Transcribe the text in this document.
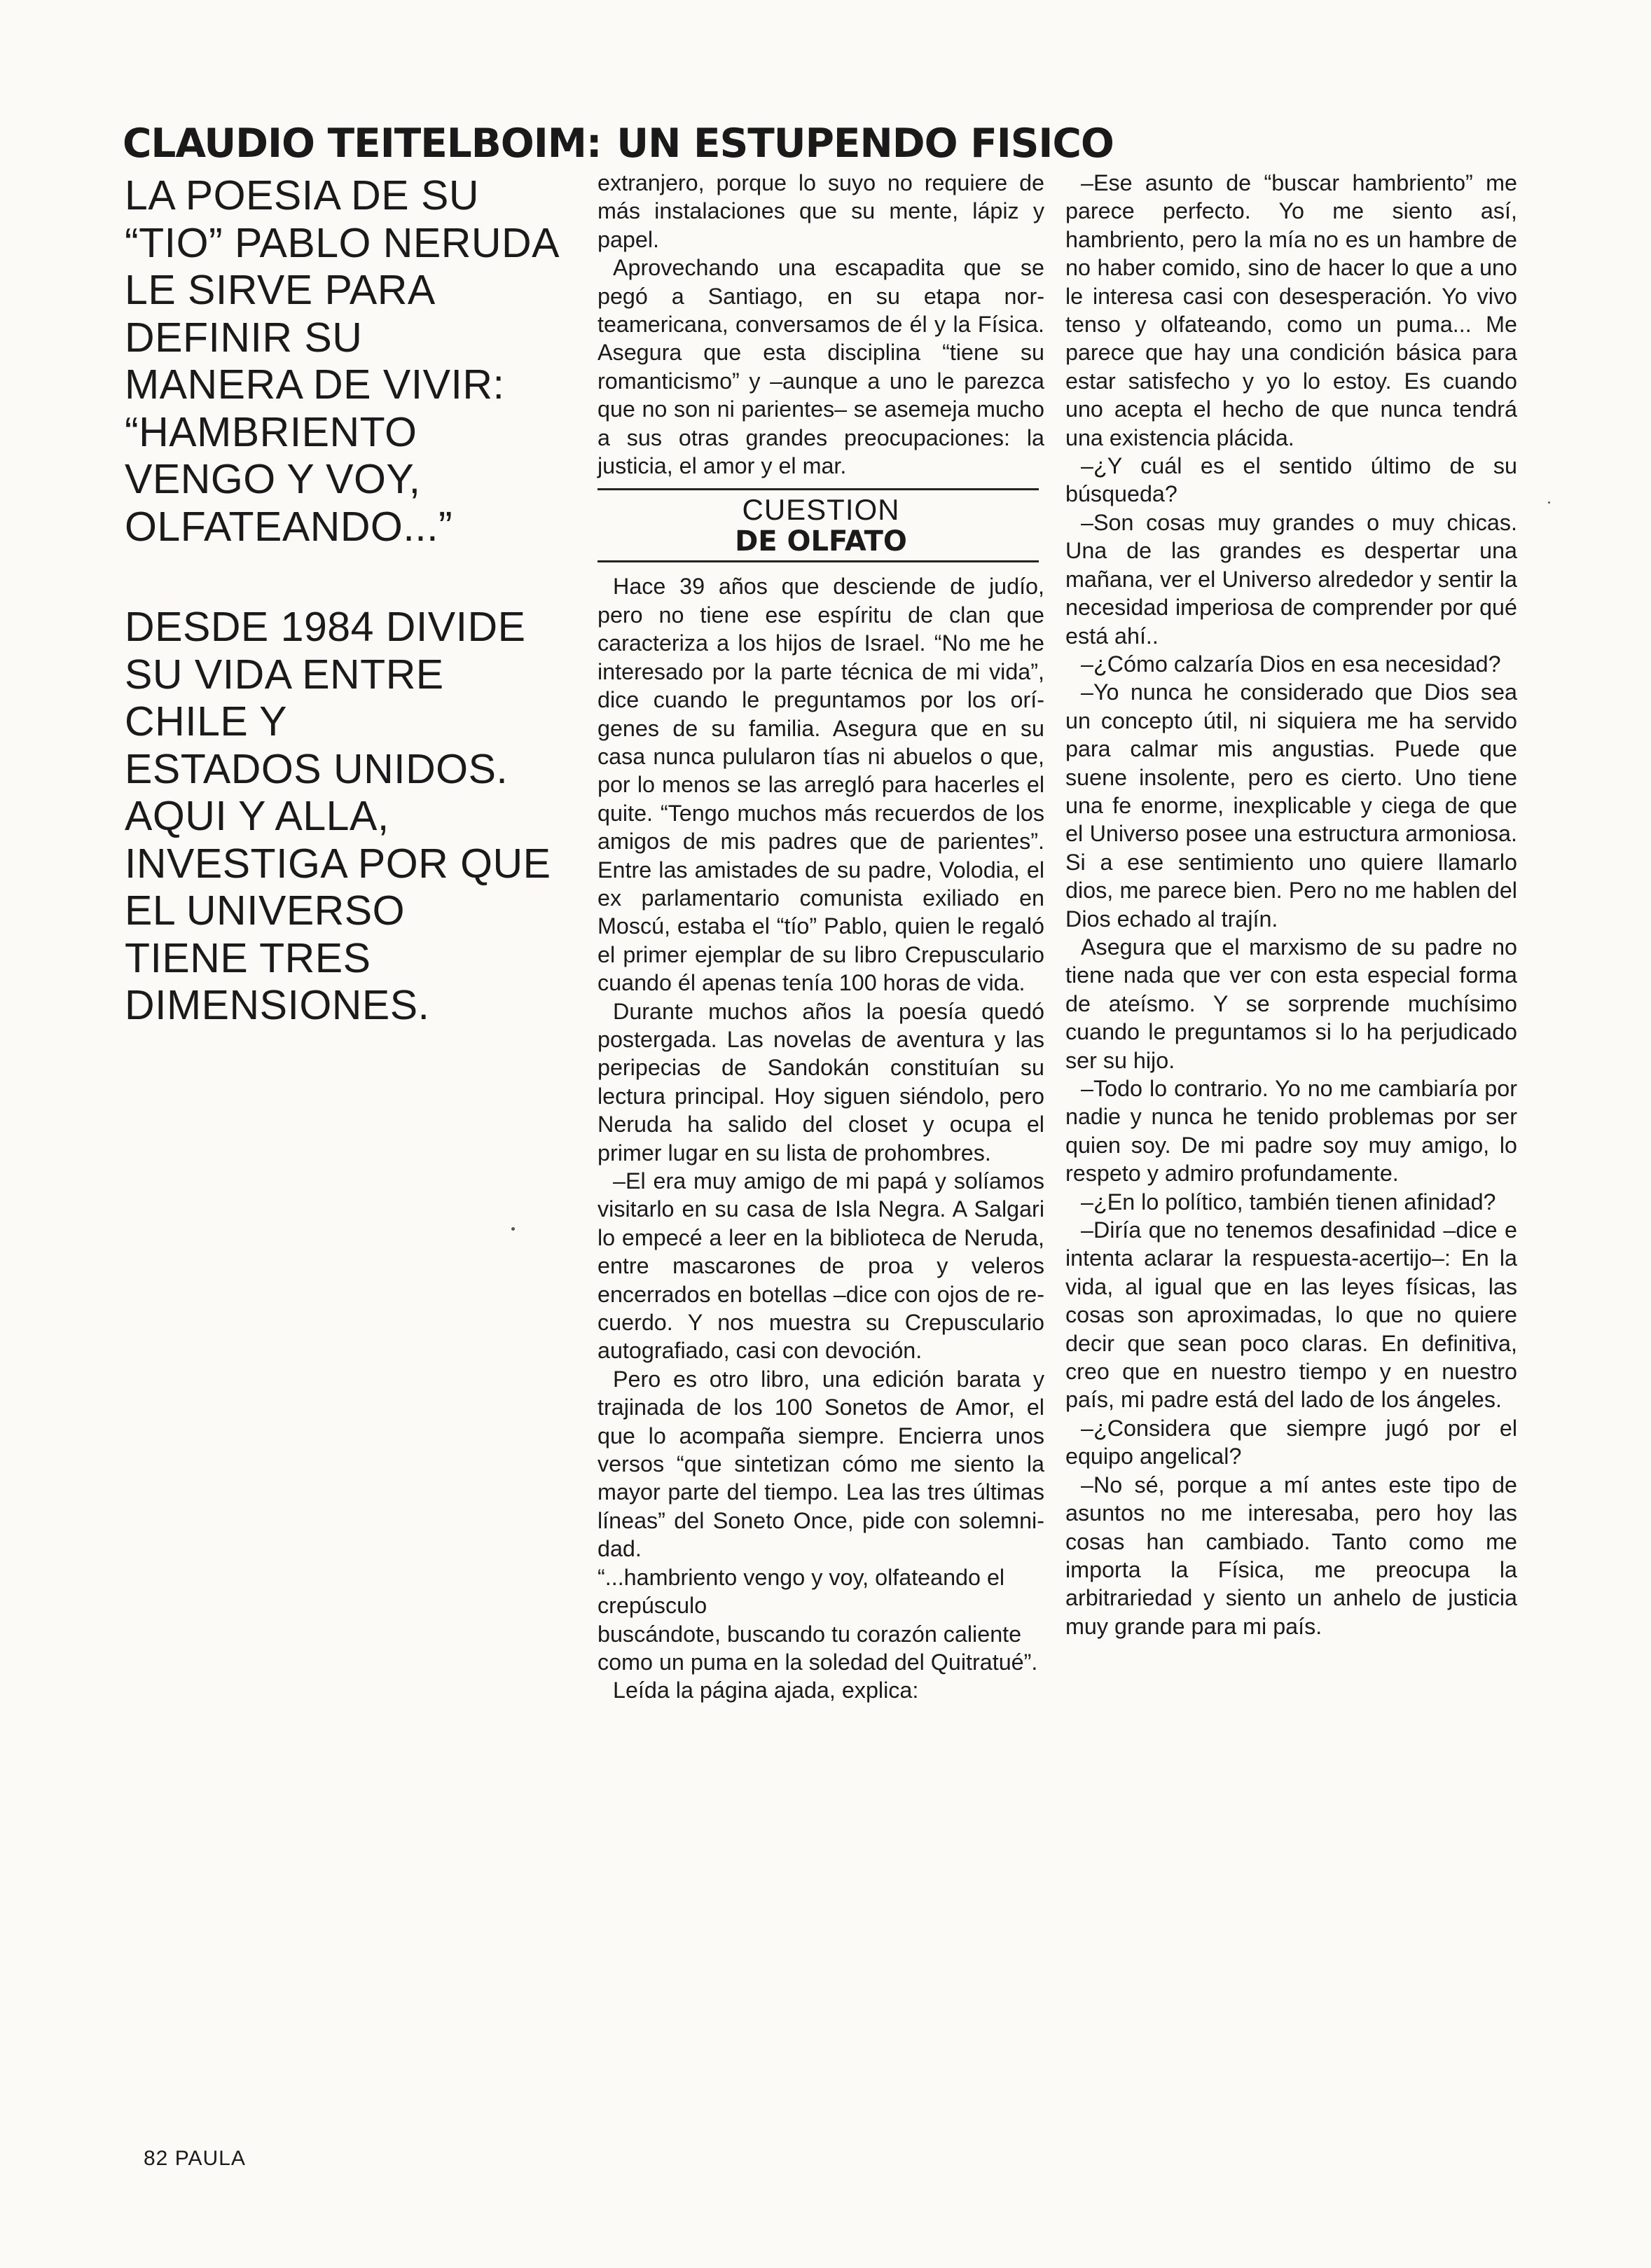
CLAUDIO TEITELBOIM: UN ESTUPENDO FISICO

LA POESIA DE SU

“TIO” PABLO NERUDA

LE SIRVE PARA

DEFINIR SU

MANERA DE VIVIR:

“HAMBRIENTO

VENGO Y VOY,

OLFATEANDO...”

DESDE 1984 DIVIDE

SU VIDA ENTRE

CHILE Y

ESTADOS UNIDOS.

AQUI Y ALLA,

INVESTIGA POR QUE

EL UNIVERSO

TIENE TRES

DIMENSIONES.

extranjero, porque lo suyo no requiere de más instalaciones que su mente, lápiz y papel.

Aprovechando una escapadita que se pegó a Santiago, en su etapa norteamericana, conversamos de él y la Física. Asegura que esta disciplina “tiene su romanticismo” y –aunque a uno le parezca que no son ni parientes– se asemeja mucho a sus otras grandes preocupaciones: la justicia, el amor y el mar.

CUESTION
DE OLFATO

Hace 39 años que desciende de judío, pero no tiene ese espíritu de clan que caracteriza a los hijos de Israel. “No me he interesado por la parte técnica de mi vida”, dice cuando le preguntamos por los orígenes de su familia. Asegura que en su casa nunca pulularon tías ni abuelos o que, por lo menos se las arregló para hacerles el quite. “Tengo muchos más recuerdos de los amigos de mis padres que de parientes”. Entre las amistades de su padre, Volodia, el ex parlamentario comunista exiliado en Moscú, estaba el “tío” Pablo, quien le regaló el primer ejemplar de su libro Crepusculario cuando él apenas tenía 100 horas de vida.

Durante muchos años la poesía quedó postergada. Las novelas de aventura y las peripecias de Sandokán constituían su lectura principal. Hoy siguen siéndolo, pero Neruda ha salido del closet y ocupa el primer lugar en su lista de prohombres.

–El era muy amigo de mi papá y solíamos visitarlo en su casa de Isla Negra. A Salgari lo empecé a leer en la biblioteca de Neruda, entre mascarones de proa y veleros encerrados en botellas –dice con ojos de recuerdo. Y nos muestra su Crepusculario autografiado, casi con devoción.

Pero es otro libro, una edición barata y trajinada de los 100 Sonetos de Amor, el que lo acompaña siempre. Encierra unos versos “que sintetizan cómo me siento la mayor parte del tiempo. Lea las tres últimas líneas” del Soneto Once, pide con solemnidad.

“...hambriento vengo y voy, olfateando el crepúsculo

buscándote, buscando tu corazón caliente

como un puma en la soledad del Quitratué”.

Leída la página ajada, explica:

–Ese asunto de “buscar hambriento” me parece perfecto. Yo me siento así, hambriento, pero la mía no es un hambre de no haber comido, sino de hacer lo que a uno le interesa casi con desesperación. Yo vivo tenso y olfateando, como un puma... Me parece que hay una condición básica para estar satisfecho y yo lo estoy. Es cuando uno acepta el hecho de que nunca tendrá una existencia plácida.

–¿Y cuál es el sentido último de su búsqueda?

–Son cosas muy grandes o muy chicas. Una de las grandes es despertar una mañana, ver el Universo alrededor y sentir la necesidad imperiosa de comprender por qué está ahí..

–¿Cómo calzaría Dios en esa necesidad?

–Yo nunca he considerado que Dios sea un concepto útil, ni siquiera me ha servido para calmar mis angustias. Puede que suene insolente, pero es cierto. Uno tiene una fe enorme, inexplicable y ciega de que el Universo posee una estructura armoniosa. Si a ese sentimiento uno quiere llamarlo dios, me parece bien. Pero no me hablen del Dios echado al trajín.

Asegura que el marxismo de su padre no tiene nada que ver con esta especial forma de ateísmo. Y se sorprende muchísimo cuando le preguntamos si lo ha perjudicado ser su hijo.

–Todo lo contrario. Yo no me cambiaría por nadie y nunca he tenido problemas por ser quien soy. De mi padre soy muy amigo, lo respeto y admiro profundamente.

–¿En lo político, también tienen afinidad?

–Diría que no tenemos desafinidad –dice e intenta aclarar la respuesta-acertijo–: En la vida, al igual que en las leyes físicas, las cosas son aproximadas, lo que no quiere decir que sean poco claras. En definitiva, creo que en nuestro tiempo y en nuestro país, mi padre está del lado de los ángeles.

–¿Considera que siempre jugó por el equipo angelical?

–No sé, porque a mí antes este tipo de asuntos no me interesaba, pero hoy las cosas han cambiado. Tanto como me importa la Física, me preocupa la arbitrariedad y siento un anhelo de justicia muy grande para mi país.

82 PAULA
